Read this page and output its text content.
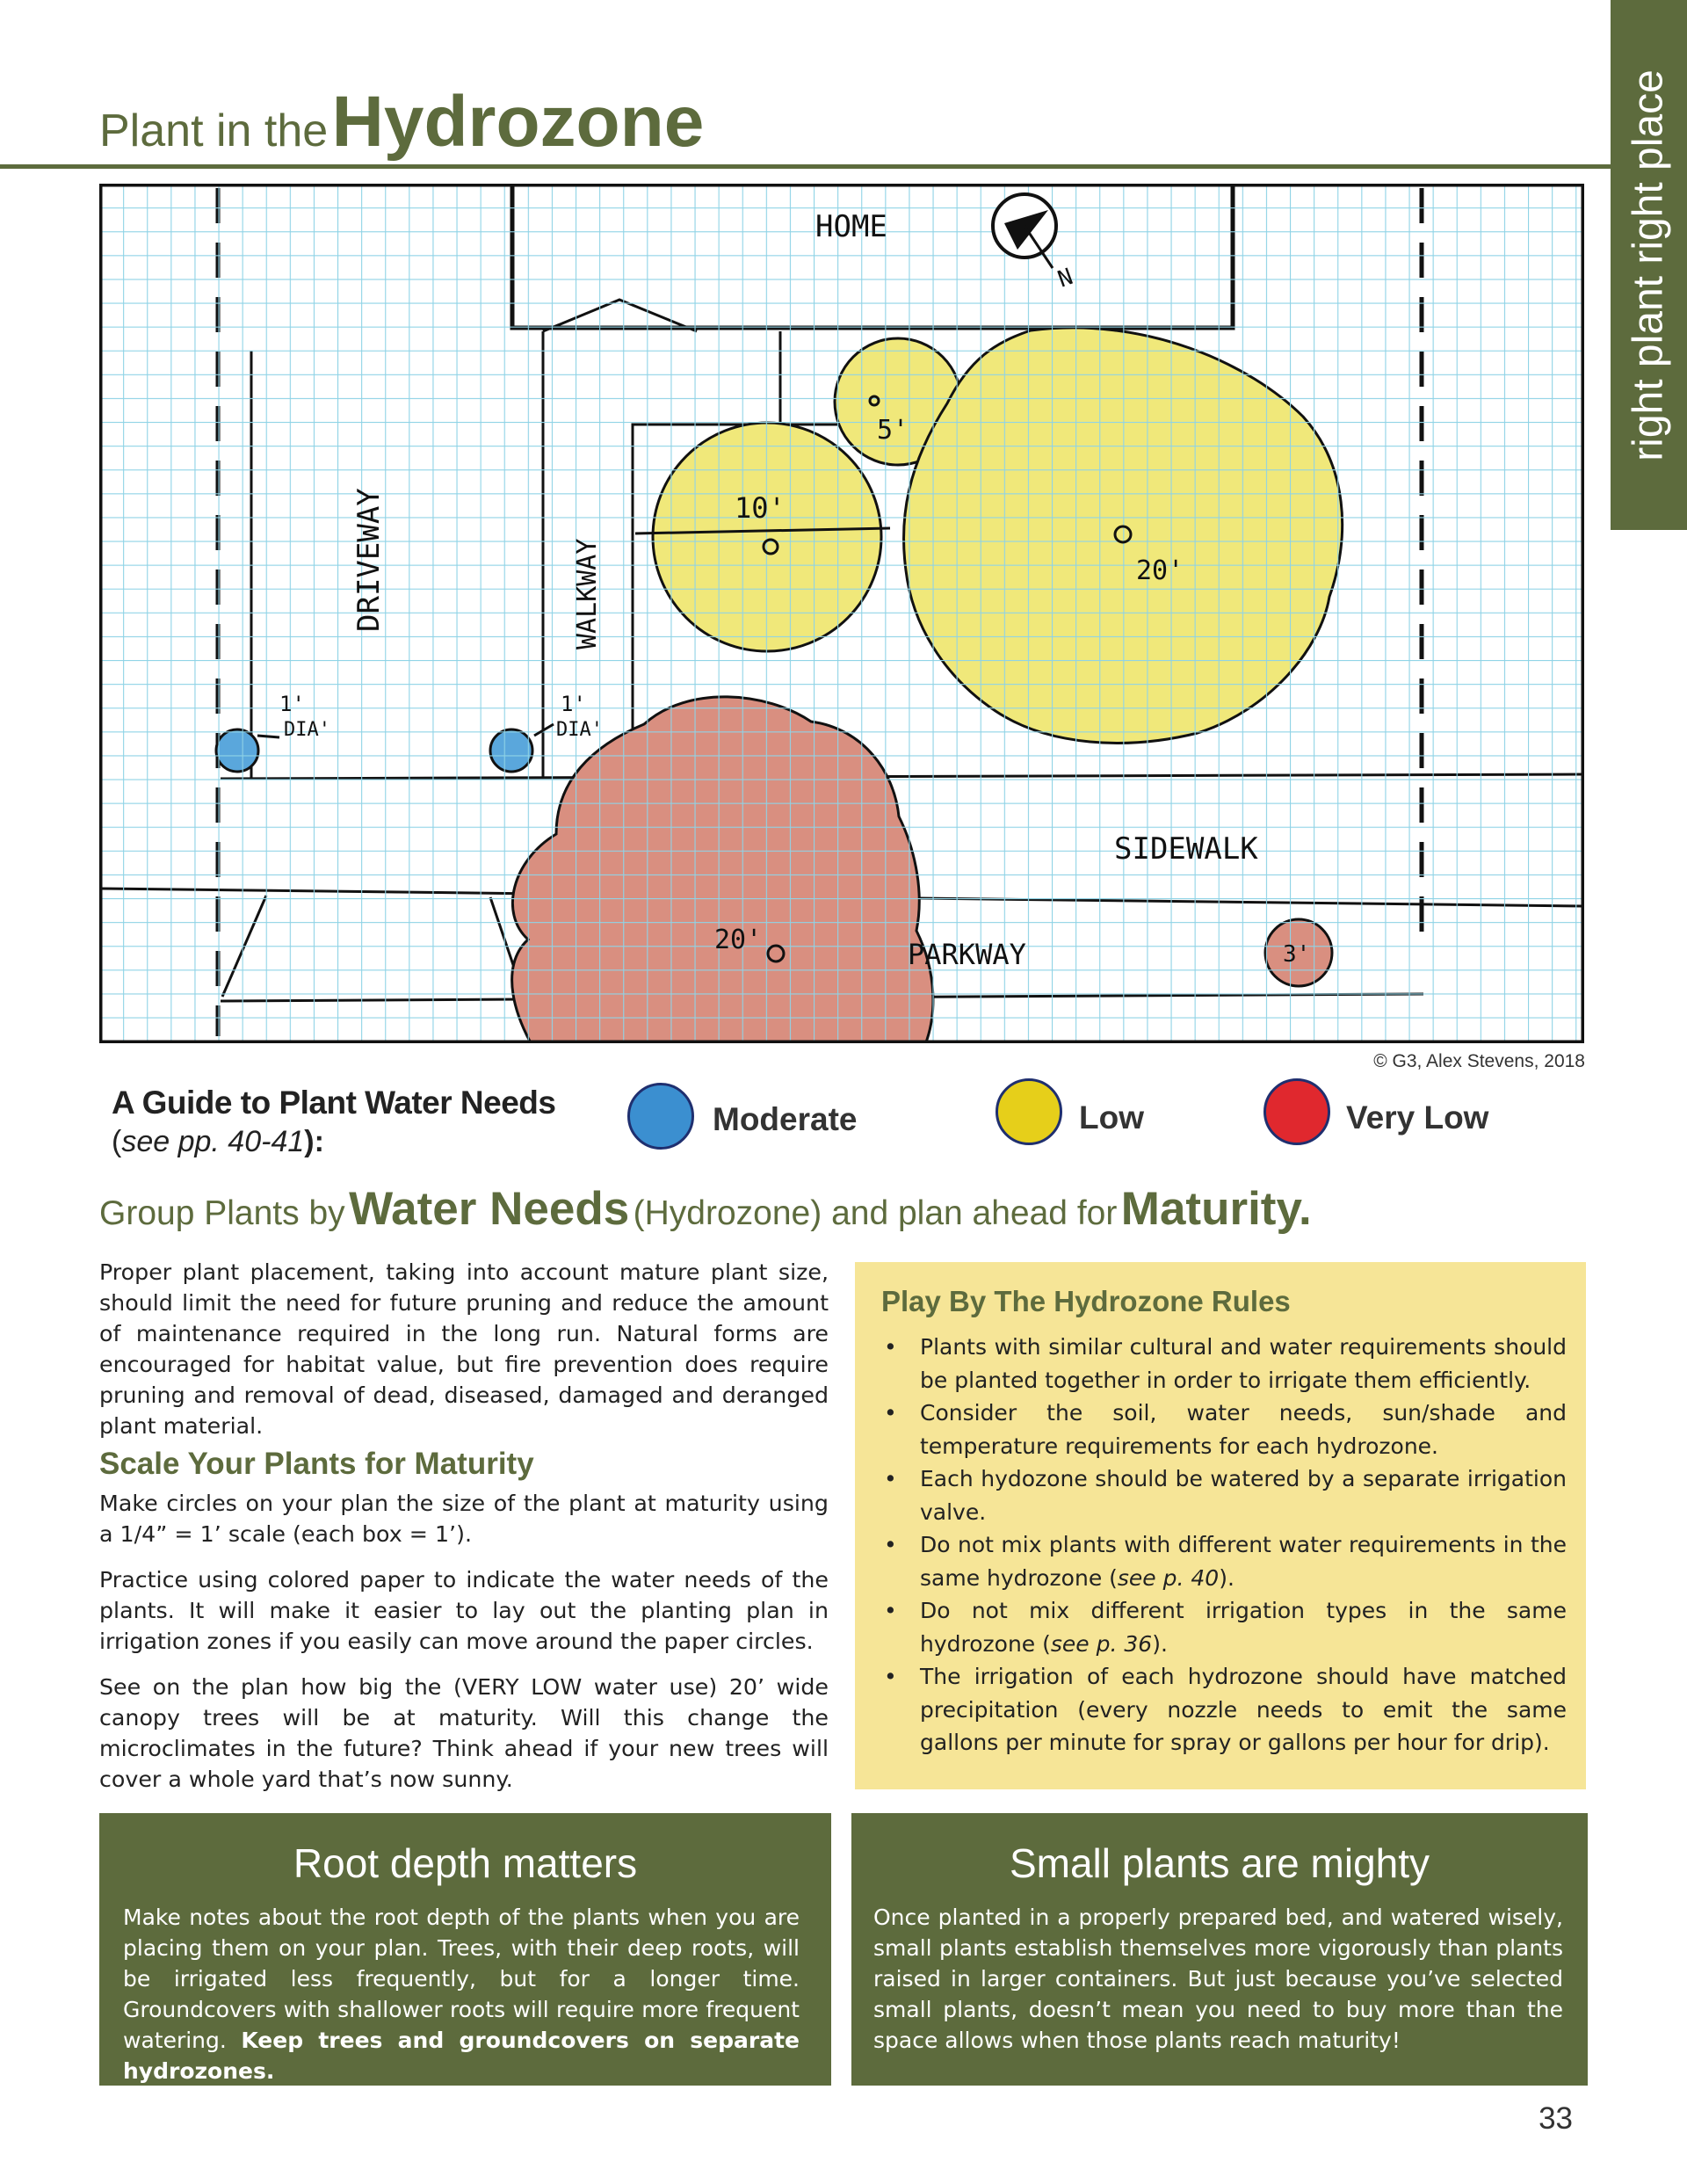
right plant right place
Plant in the Hydrozone
N
HOME
DRIVEWAY	WALKWAY
SIDEWALK
PARKWAY
1'
DIA'
1'
DIA'
5'
10'
20'
20'	3'
© G3, Alex Stevens, 2018
A Guide to Plant Water Needs
(see pp. 40-41):
Moderate	Low	Very Low
Group Plants by Water Needs (Hydrozone) and plan ahead for Maturity.

Proper plant placement, taking into account mature plant size, should limit the need for future pruning and reduce the amount of maintenance required in the long run. Natural forms are encouraged for habitat value, but fire prevention does require pruning and removal of dead, diseased, damaged and deranged plant material.

Scale Your Plants for Maturity

Make circles on your plan the size of the plant at maturity using a 1/4” = 1’ scale (each box = 1’).

Practice using colored paper to indicate the water needs of the plants. It will make it easier to lay out the planting plan in irrigation zones if you easily can move around the paper circles.

See on the plan how big the (VERY LOW water use) 20’ wide canopy trees will be at maturity. Will this change the microclimates in the future? Think ahead if your new trees will cover a whole yard that’s now sunny.

Play By The Hydrozone Rules
• Plants with similar cultural and water requirements should be planted together in order to irrigate them efficiently.
• Consider the soil, water needs, sun/shade and temperature requirements for each hydrozone.
• Each hydozone should be watered by a separate irrigation valve.
• Do not mix plants with different water requirements in the same hydrozone (see p. 40).
• Do not mix different irrigation types in the same hydrozone (see p. 36).
• The irrigation of each hydrozone should have matched precipitation (every nozzle needs to emit the same gallons per minute for spray or gallons per hour for drip).
Root depth matters

Make notes about the root depth of the plants when you are placing them on your plan. Trees, with their deep roots, will be irrigated less frequently, but for a longer time. Groundcovers with shallower roots will require more frequent watering. Keep trees and groundcovers on separate hydrozones.

Small plants are mighty

Once planted in a properly prepared bed, and watered wisely, small plants establish themselves more vigorously than plants raised in larger containers. But just because you’ve selected small plants, doesn’t mean you need to buy more than the space allows when those plants reach maturity!

33
